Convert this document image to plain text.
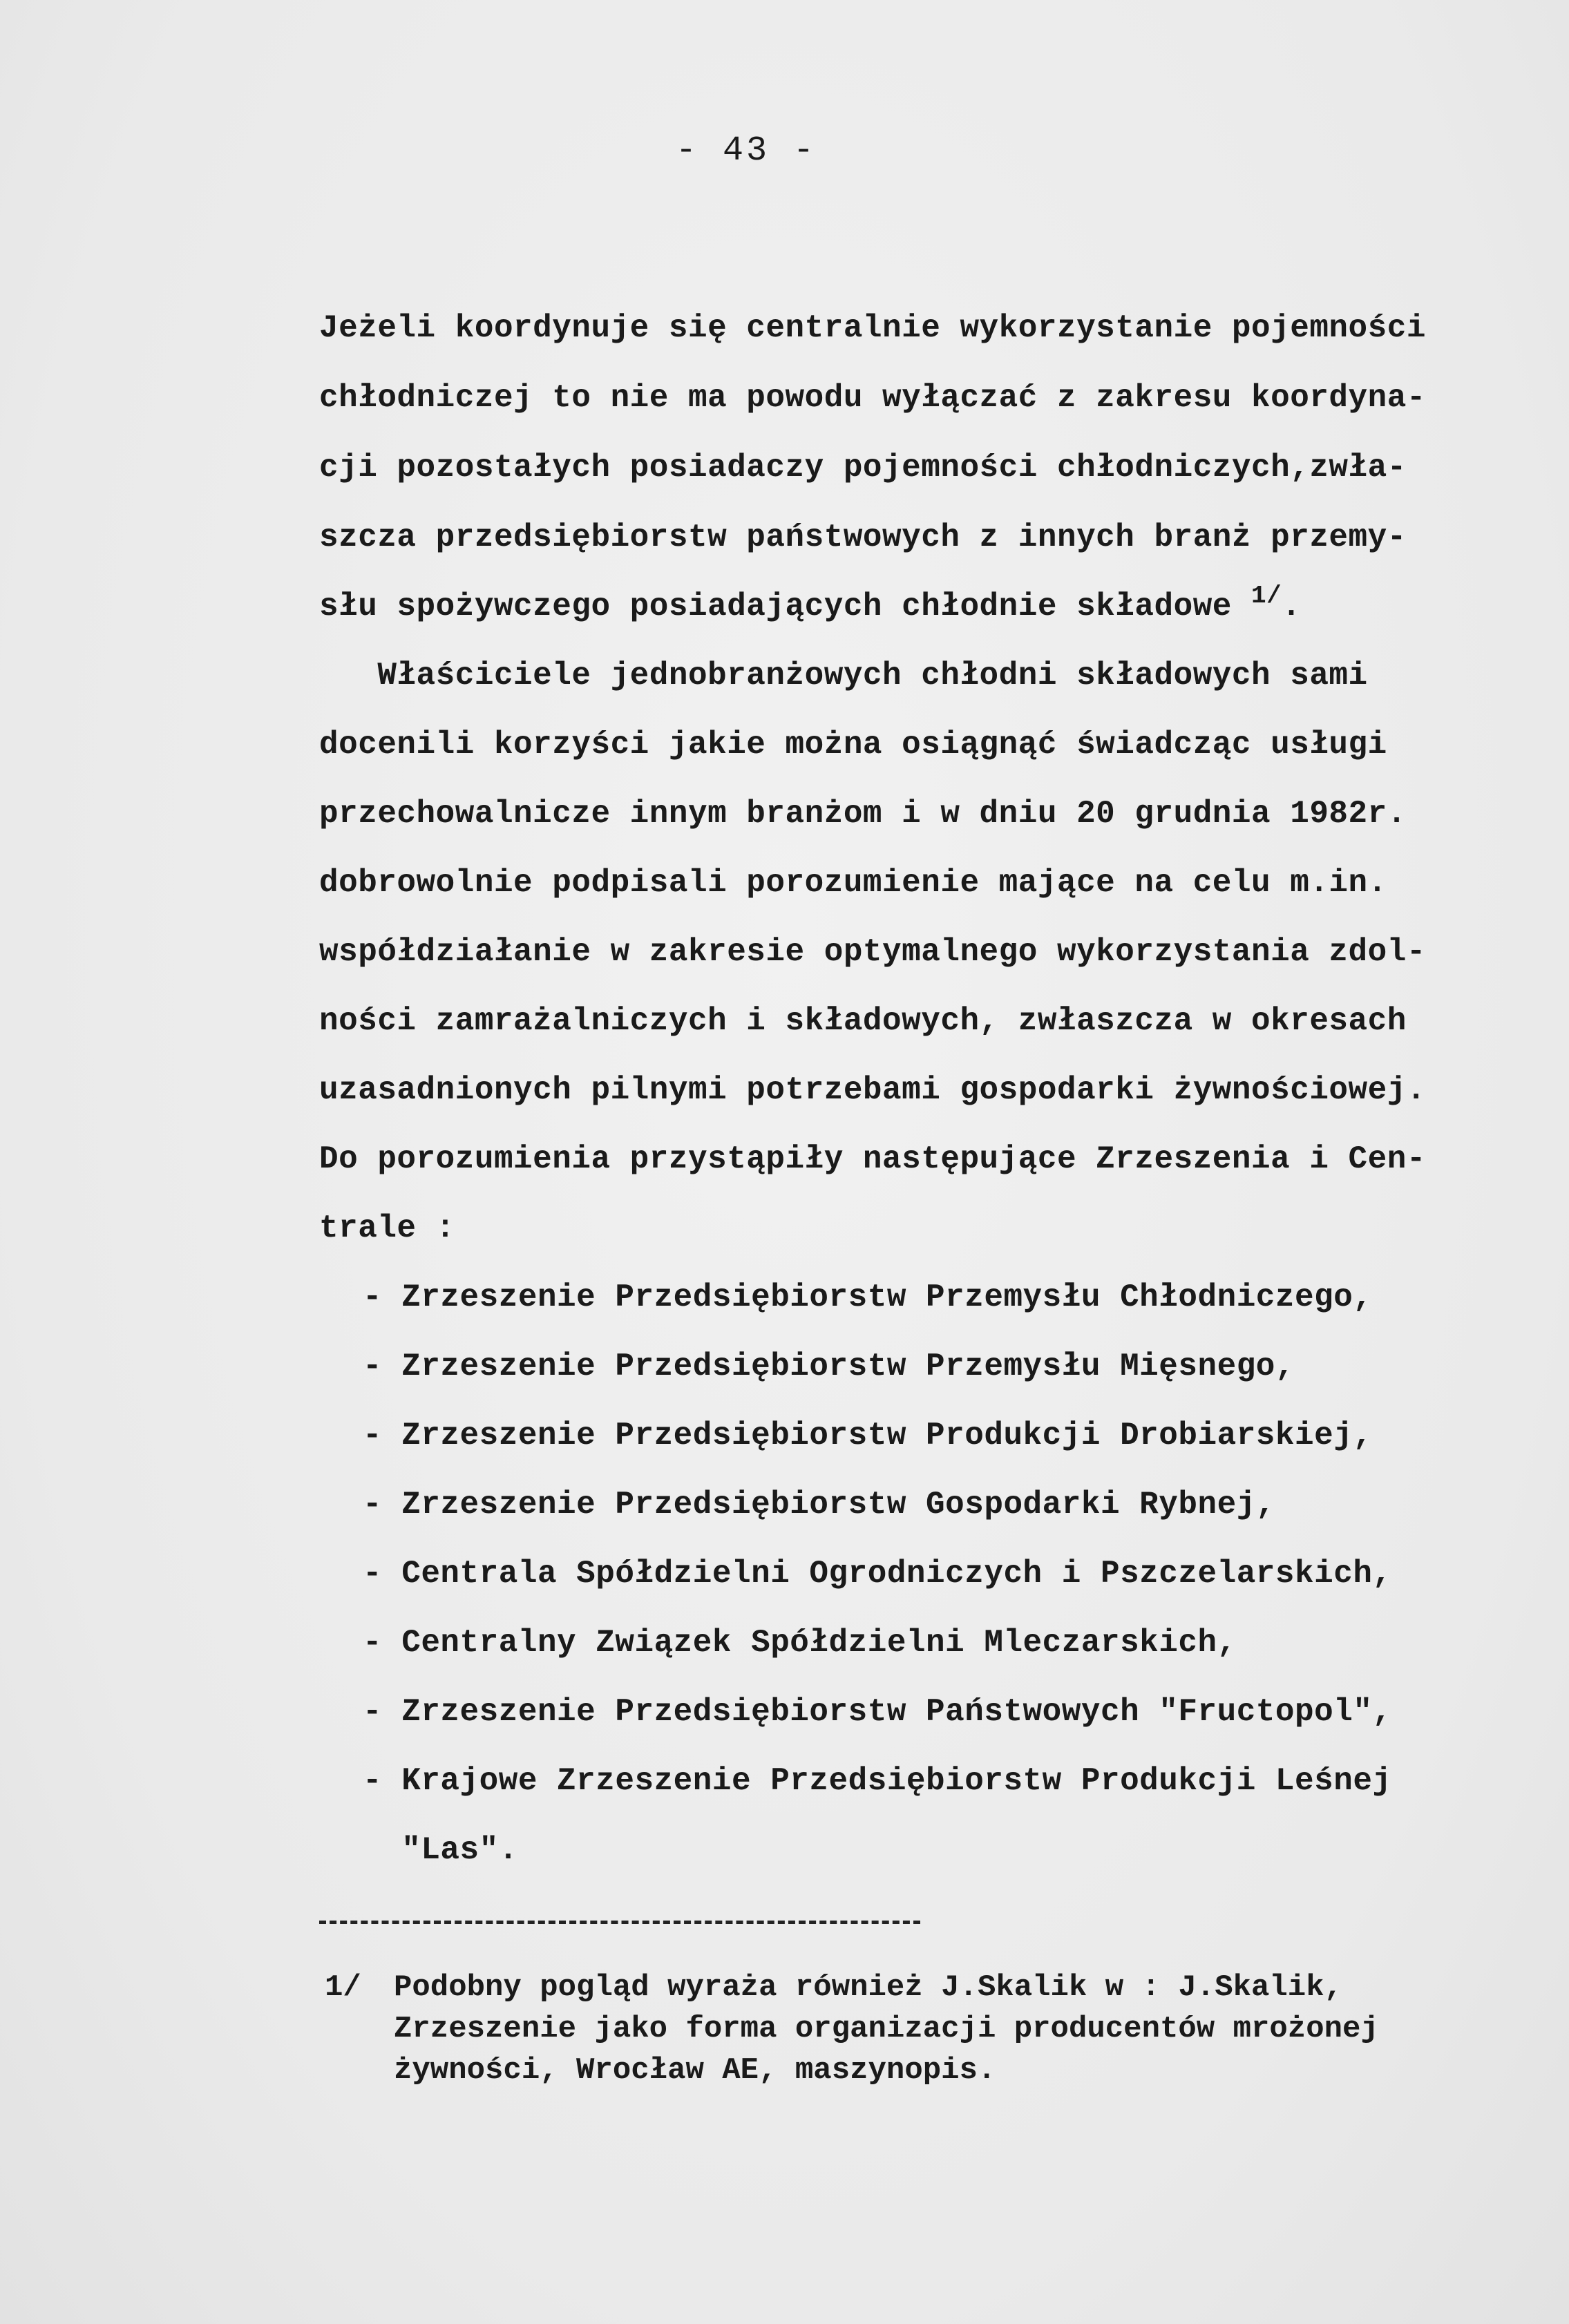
- 43 -
Jeżeli koordynuje się centralnie wykorzystanie pojemności
chłodniczej to nie ma powodu wyłączać z zakresu koordyna-
cji pozostałych posiadaczy pojemności chłodniczych,zwła-
szcza przedsiębiorstw państwowych z innych branż przemy-
słu spożywczego posiadających chłodnie składowe $^{1/}$.
Właściciele jednobranżowych chłodni składowych sami
docenili korzyści jakie można osiągnąć świadcząc usługi
przechowalnicze innym branżom i w dniu 20 grudnia 1982r.
dobrowolnie podpisali porozumienie mające na celu m.in.
współdziałanie w zakresie optymalnego wykorzystania zdol-
ności zamrażalniczych i składowych, zwłaszcza w okresach
uzasadnionych pilnymi potrzebami gospodarki żywnościowej.
Do porozumienia przystąpiły następujące Zrzeszenia i Cen-
trale :
- Zrzeszenie Przedsiębiorstw Przemysłu Chłodniczego,
- Zrzeszenie Przedsiębiorstw Przemysłu Mięsnego,
- Zrzeszenie Przedsiębiorstw Produkcji Drobiarskiej,
- Zrzeszenie Przedsiębiorstw Gospodarki Rybnej,
- Centrala Spółdzielni Ogrodniczych i Pszczelarskich,
- Centralny Związek Spółdzielni Mleczarskich,
- Zrzeszenie Przedsiębiorstw Państwowych "Fructopol",
- Krajowe Zrzeszenie Przedsiębiorstw Produkcji Leśnej
"Las".
1/ Podobny pogląd wyraża również J.Skalik w : J.Skalik,
Zrzeszenie jako forma organizacji producentów mrożonej
żywności, Wrocław AE, maszynopis.
